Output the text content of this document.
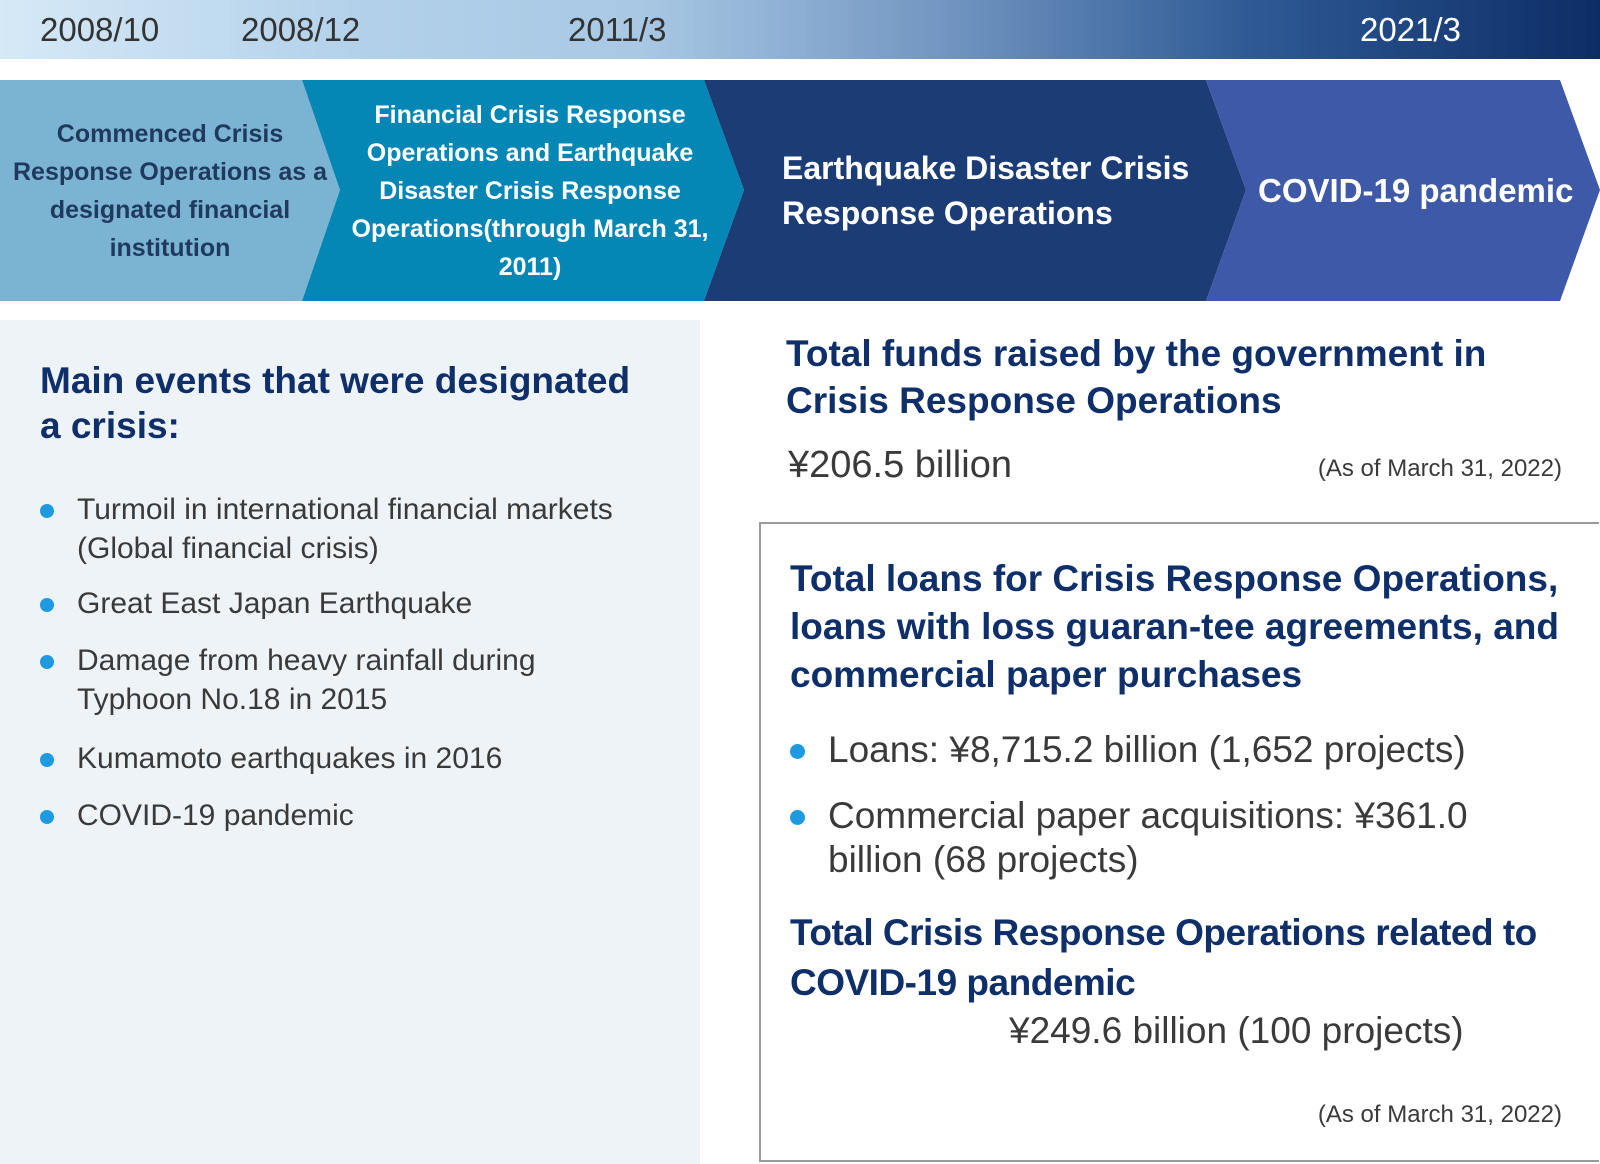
2008/10 2008/12	2011/3	2021/3
Commenced Crisis Response Operations as a designated financial institution
Financial Crisis Response Operations and Earthquake Disaster Crisis Response Operations(through March 31, 2011)
Earthquake Disaster Crisis Response Operations
COVID-19 pandemic
Main events that were designated a crisis:
Turmoil in international financial markets (Global financial crisis)
Great East Japan Earthquake
Damage from heavy rainfall during Typhoon No.18 in 2015
Kumamoto earthquakes in 2016
COVID-19 pandemic
Total funds raised by the government in Crisis Response Operations
¥206.5 billion	(As of March 31, 2022)
Total loans for Crisis Response Operations, loans with loss guaran-tee agreements, and commercial paper purchases
Loans: ¥8,715.2 billion (1,652 projects)
Commercial paper acquisitions: ¥361.0 billion (68 projects)
Total Crisis Response Operations related to COVID-19 pandemic
¥249.6 billion (100 projects)
(As of March 31, 2022)
